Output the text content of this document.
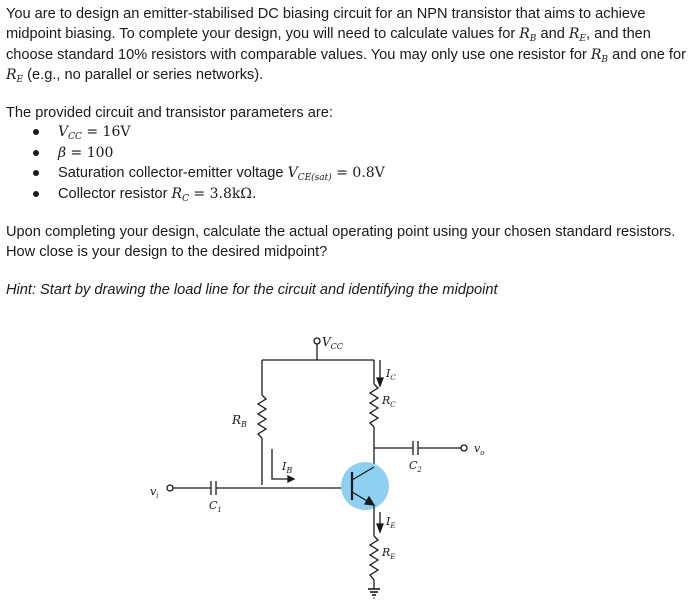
You are to design an emitter-stabilised DC biasing circuit for an NPN transistor that aims to achieve
midpoint biasing. To complete your design, you will need to calculate values for $R_B$ and $R_E$, and then
choose standard 10% resistors with comparable values. You may only use one resistor for $R_B$ and one for
$R_E$ (e.g., no parallel or series networks).
The provided circuit and transistor parameters are:
$V_{CC} = 16V$
β = 100
Saturation collector-emitter voltage $V_{CE(sat)} = 0.8V$
Collector resistor $R_C = 3.8k\Omega$.
Upon completing your design, calculate the actual operating point using your chosen standard resistors.
How close is your design to the desired midpoint?
Hint: Start by drawing the load line for the circuit and identifying the midpoint
$V_{CC}$
$R_B$
$I_B$
$v_i$
$C_1$
$I_C$
$R_C$
$C_2$
$v_o$
$I_E$
$R_E$
